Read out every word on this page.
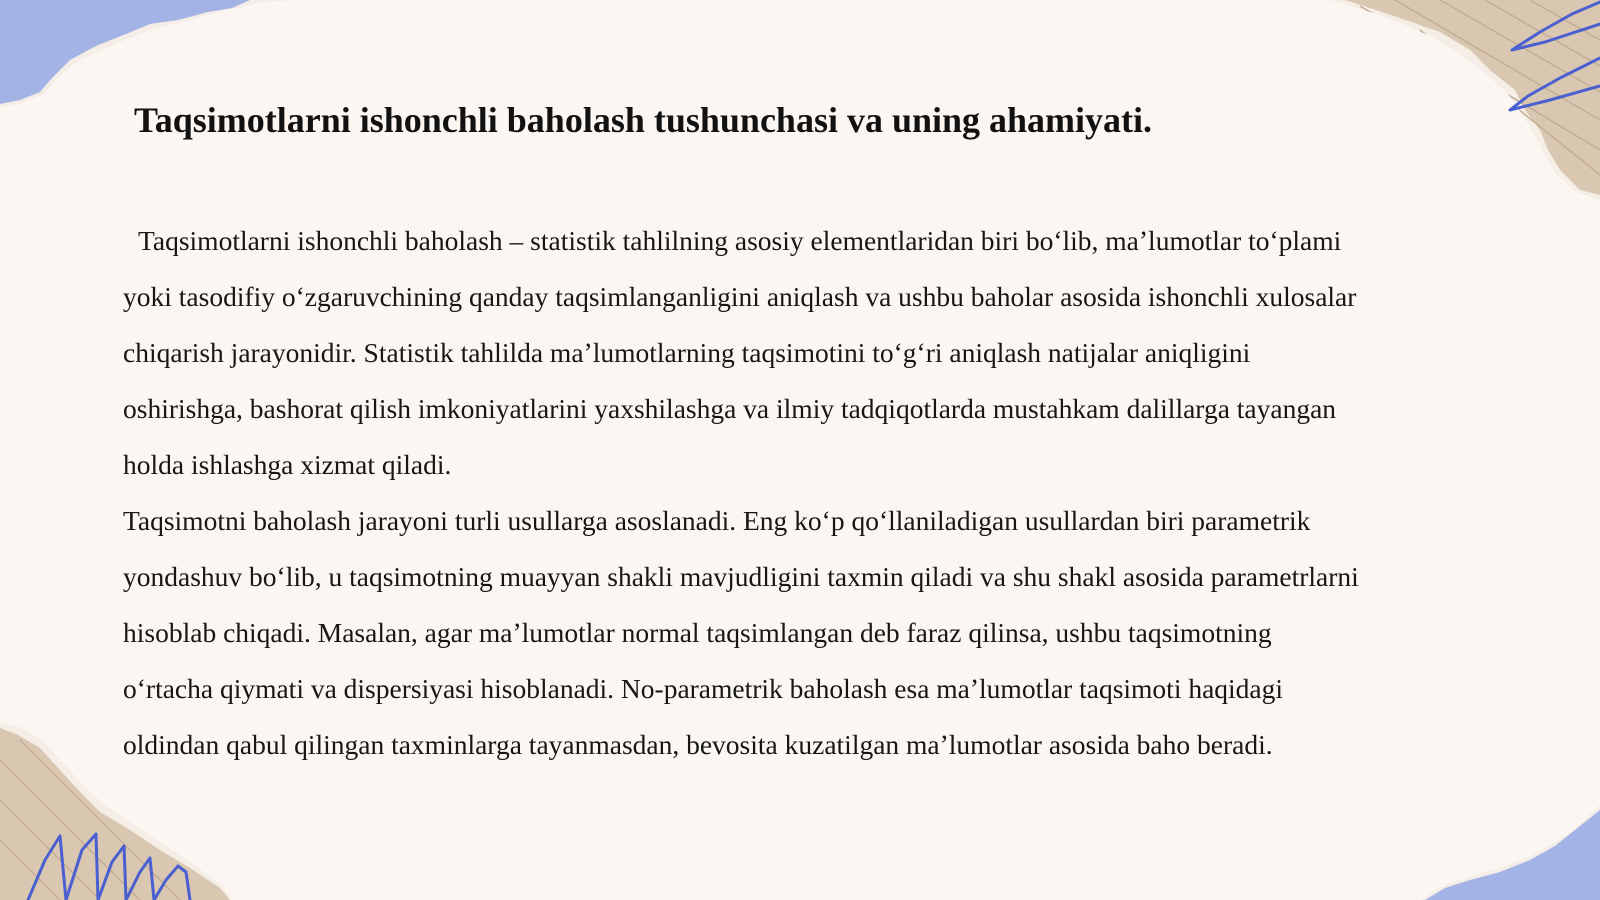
Taqsimotlarni ishonchli baholash tushunchasi va uning ahamiyati.
Taqsimotlarni ishonchli baholash – statistik tahlilning asosiy elementlaridan biri boʻlib, maʼlumotlar toʻplami
yoki tasodifiy oʻzgaruvchining qanday taqsimlanganligini aniqlash va ushbu baholar asosida ishonchli xulosalar
chiqarish jarayonidir. Statistik tahlilda maʼlumotlarning taqsimotini toʻgʻri aniqlash natijalar aniqligini
oshirishga, bashorat qilish imkoniyatlarini yaxshilashga va ilmiy tadqiqotlarda mustahkam dalillarga tayangan
holda ishlashga xizmat qiladi.
Taqsimotni baholash jarayoni turli usullarga asoslanadi. Eng koʻp qoʻllaniladigan usullardan biri parametrik
yondashuv boʻlib, u taqsimotning muayyan shakli mavjudligini taxmin qiladi va shu shakl asosida parametrlarni
hisoblab chiqadi. Masalan, agar maʼlumotlar normal taqsimlangan deb faraz qilinsa, ushbu taqsimotning
oʻrtacha qiymati va dispersiyasi hisoblanadi. No-parametrik baholash esa maʼlumotlar taqsimoti haqidagi
oldindan qabul qilingan taxminlarga tayanmasdan, bevosita kuzatilgan maʼlumotlar asosida baho beradi.
